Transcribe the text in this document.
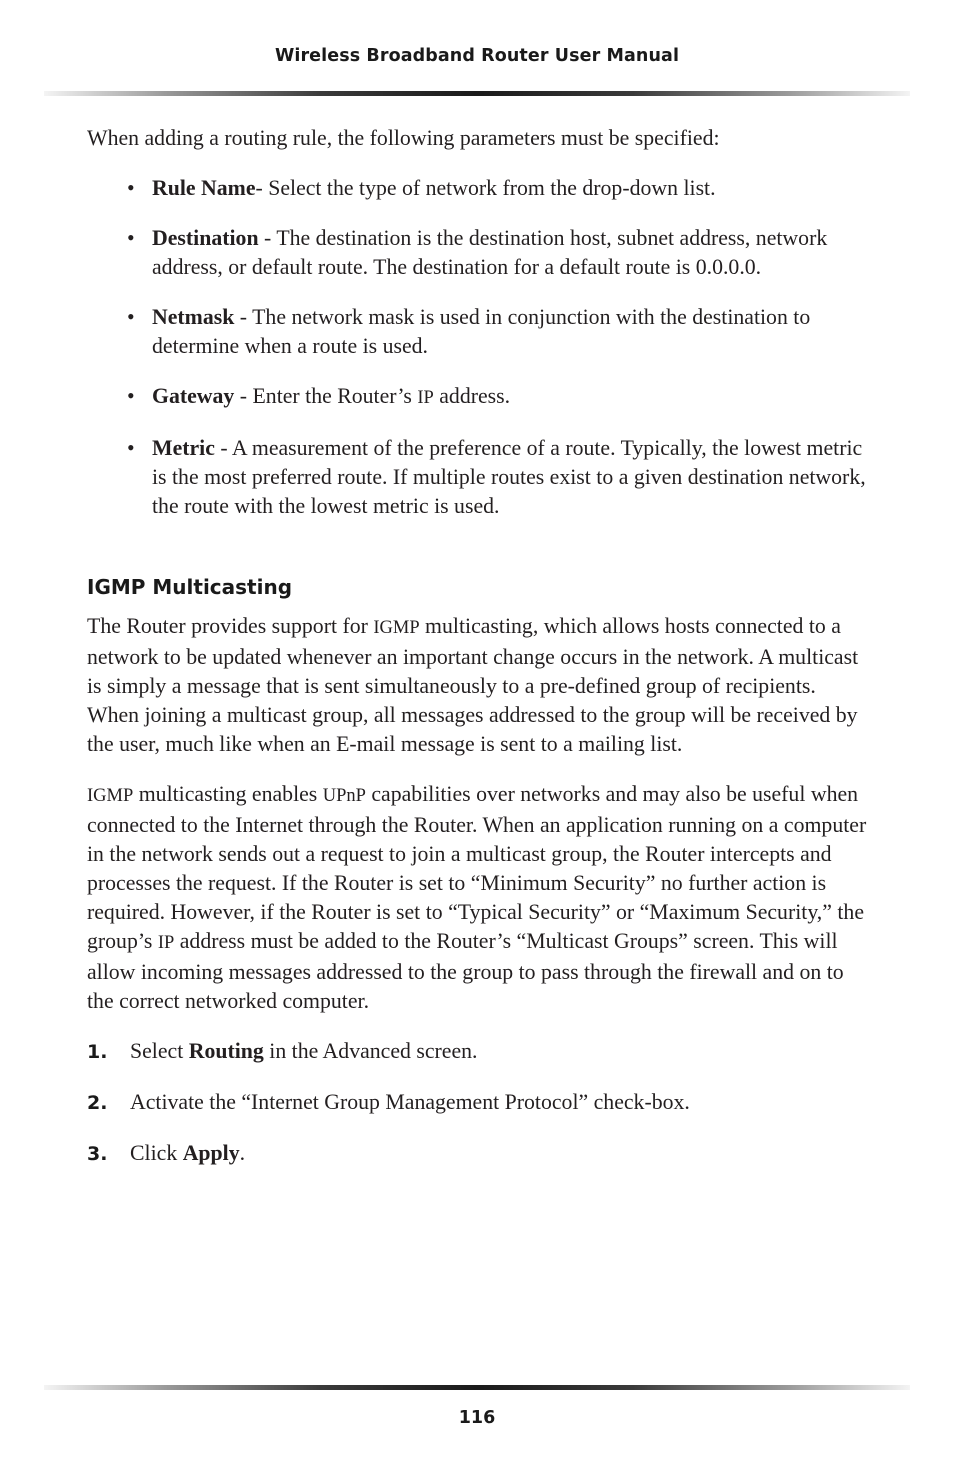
Wireless Broadband Router User Manual

When adding a routing rule, the following parameters must be specified:

• Rule Name- Select the type of network from the drop-down list.
• Destination - The destination is the destination host, subnet address, network address, or default route. The destination for a default route is 0.0.0.0.
• Netmask - The network mask is used in conjunction with the destination to determine when a route is used.
• Gateway - Enter the Router’s IP address.
• Metric - A measurement of the preference of a route. Typically, the lowest metric is the most preferred route. If multiple routes exist to a given destination network, the route with the lowest metric is used.
IGMP Multicasting

The Router provides support for IGMP multicasting, which allows hosts connected to a network to be updated whenever an important change occurs in the network. A multicast is simply a message that is sent simultaneously to a pre-defined group of recipients. When joining a multicast group, all messages addressed to the group will be received by the user, much like when an E-mail message is sent to a mailing list.

IGMP multicasting enables UPnP capabilities over networks and may also be useful when connected to the Internet through the Router. When an application running on a computer in the network sends out a request to join a multicast group, the Router intercepts and processes the request. If the Router is set to “Minimum Security” no further action is required. However, if the Router is set to “Typical Security” or “Maximum Security,” the group’s IP address must be added to the Router’s “Multicast Groups” screen. This will allow incoming messages addressed to the group to pass through the firewall and on to the correct networked computer.

1. Select Routing in the Advanced screen.
2. Activate the “Internet Group Management Protocol” check-box.
3. Click Apply.
116
